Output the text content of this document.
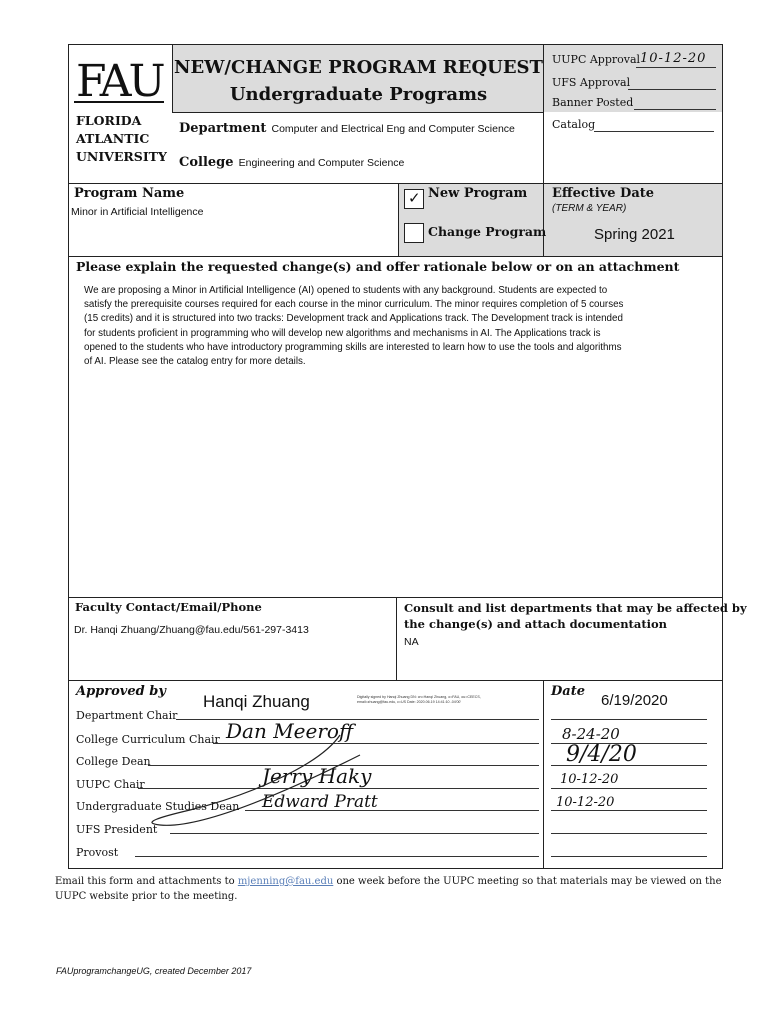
FAU
FLORIDA
ATLANTIC
UNIVERSITY
NEW/CHANGE PROGRAM REQUEST
Undergraduate Programs
UUPC Approval 10-12-20
UFS Approval
Banner Posted
Catalog
Department Computer and Electrical Eng and Computer Science
College Engineering and Computer Science
Program Name
Minor in Artificial Intelligence
✓ New Program
Change Program
Effective Date
(TERM & YEAR)
Spring 2021
Please explain the requested change(s) and offer rationale below or on an attachment
We are proposing a Minor in Artificial Intelligence (AI) opened to students with any background. Students are expected to
satisfy the prerequisite courses required for each course in the minor curriculum. The minor requires completion of 5 courses
(15 credits) and it is structured into two tracks: Development track and Applications track. The Development track is intended
for students proficient in programming who will develop new algorithms and mechanisms in AI. The Applications track is
opened to the students who have introductory programming skills are interested to learn how to use the tools and algorithms
of AI. Please see the catalog entry for more details.
Faculty Contact/Email/Phone
Dr. Hanqi Zhuang/Zhuang@fau.edu/561-297-3413
Consult and list departments that may be affected by
the change(s) and attach documentation
NA
Approved by	Date
Department Chair
College Curriculum Chair
College Dean
UUPC Chair
Undergraduate Studies Dean
UFS President
Provost
Hanqi Zhuang	Digitally signed by Hanqi Zhuang DN: cn=Hanqi Zhuang, o=FAU, ou=CEECS, email=zhuang@fau.edu, c=US Date: 2020.06.19 14:41:10 -04'00'
Dan Meeroff
Jerry Haky
Edward Pratt
6/19/2020
8-24-20
9/4/20
10-12-20
10-12-20
Email this form and attachments to mjenning@fau.edu one week before the UUPC meeting so that materials may be viewed on the
UUPC website prior to the meeting.
FAUprogramchangeUG, created December 2017
